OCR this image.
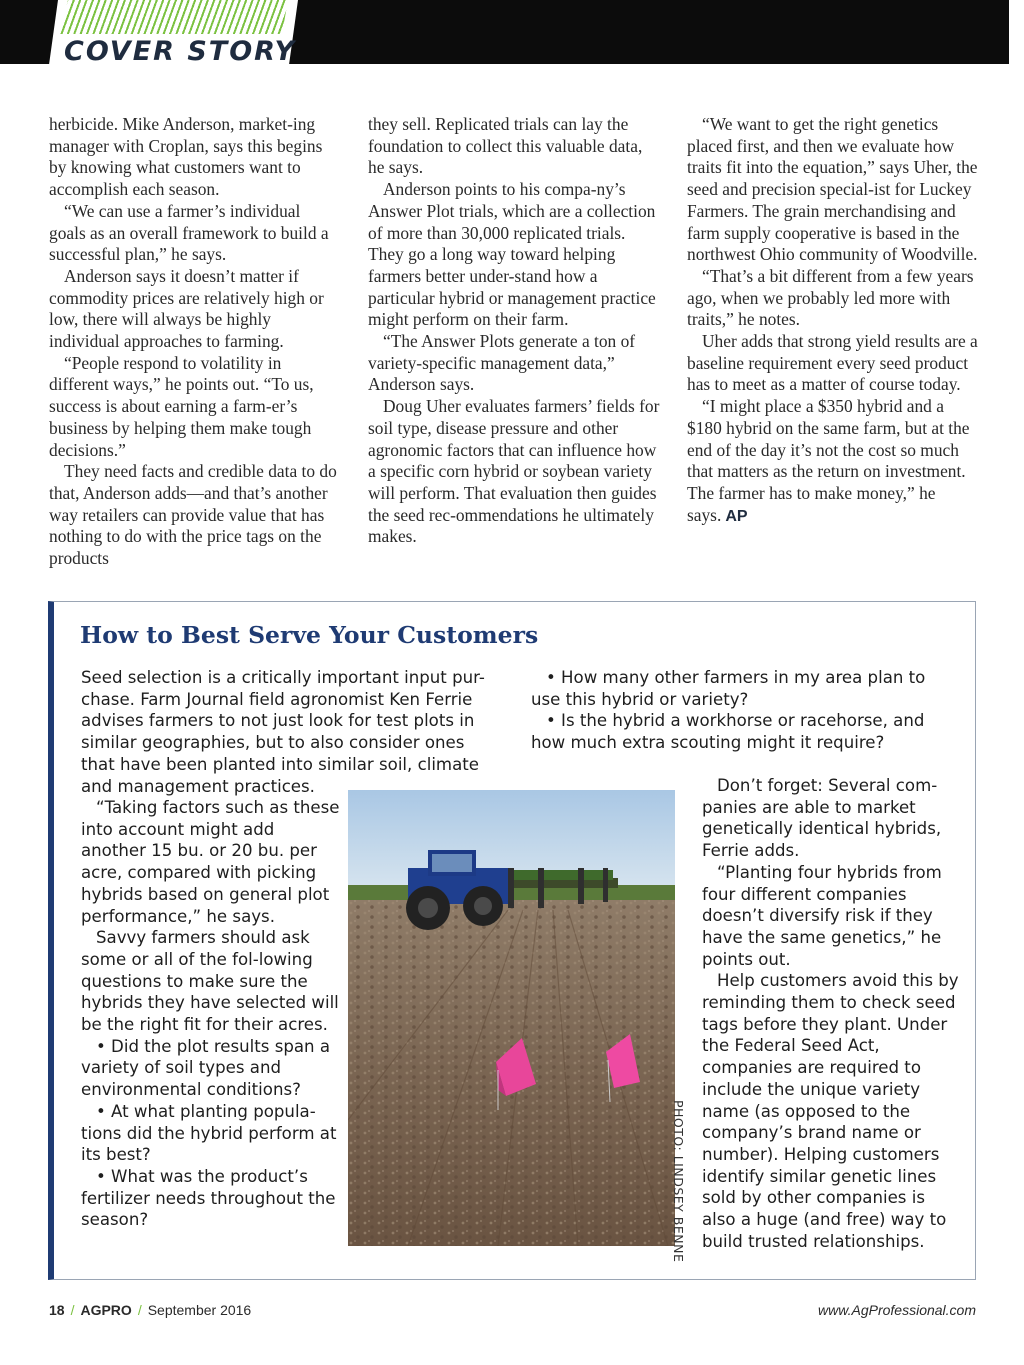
COVER STORY

herbicide. Mike Anderson, market-ing manager with Croplan, says this begins by knowing what customers want to accomplish each season.

“We can use a farmer’s individual goals as an overall framework to build a successful plan,” he says.

Anderson says it doesn’t matter if commodity prices are relatively high or low, there will always be highly individual approaches to farming.

“People respond to volatility in different ways,” he points out. “To us, success is about earning a farm-er’s business by helping them make tough decisions.”

They need facts and credible data to do that, Anderson adds—and that’s another way retailers can provide value that has nothing to do with the price tags on the products

they sell. Replicated trials can lay the foundation to collect this valuable data, he says.

Anderson points to his compa-ny’s Answer Plot trials, which are a collection of more than 30,000 replicated trials. They go a long way toward helping farmers better under-stand how a particular hybrid or management practice might perform on their farm.

“The Answer Plots generate a ton of variety-specific management data,” Anderson says.

Doug Uher evaluates farmers’ fields for soil type, disease pressure and other agronomic factors that can influence how a specific corn hybrid or soybean variety will perform. That evaluation then guides the seed rec-ommendations he ultimately makes.

“We want to get the right genetics placed first, and then we evaluate how traits fit into the equation,” says Uher, the seed and precision special-ist for Luckey Farmers. The grain merchandising and farm supply cooperative is based in the northwest Ohio community of Woodville.

“That’s a bit different from a few years ago, when we probably led more with traits,” he notes.

Uher adds that strong yield results are a baseline requirement every seed product has to meet as a matter of course today.

“I might place a $350 hybrid and a $180 hybrid on the same farm, but at the end of the day it’s not the cost so much that matters as the return on investment. The farmer has to make money,” he says. AP

How to Best Serve Your Customers

Seed selection is a critically important input pur-chase. Farm Journal field agronomist Ken Ferrie advises farmers to not just look for test plots in similar geographies, but to also consider ones that have been planted into similar soil, climate and management practices.

“Taking factors such as these into account might add another 15 bu. or 20 bu. per acre, compared with picking hybrids based on general plot performance,” he says.

Savvy farmers should ask some or all of the fol-lowing questions to make sure the hybrids they have selected will be the right fit for their acres.

• Did the plot results span a variety of soil types and environmental conditions?

• At what planting popula-tions did the hybrid perform at its best?

• What was the product’s fertilizer needs throughout the season?

• How many other farmers in my area plan to use this hybrid or variety?

• Is the hybrid a workhorse or racehorse, and how much extra scouting might it require?

Don’t forget: Several com-panies are able to market genetically identical hybrids, Ferrie adds.

“Planting four hybrids from four different companies doesn’t diversify risk if they have the same genetics,” he points out.

Help customers avoid this by reminding them to check seed tags before they plant. Under the Federal Seed Act, companies are required to include the unique variety name (as opposed to the company’s brand name or number). Helping customers identify similar genetic lines sold by other companies is also a huge (and free) way to build trusted relationships.

PHOTO: LINDSEY BENNE
18 / AGPRO / September 2016	www.AgProfessional.com
